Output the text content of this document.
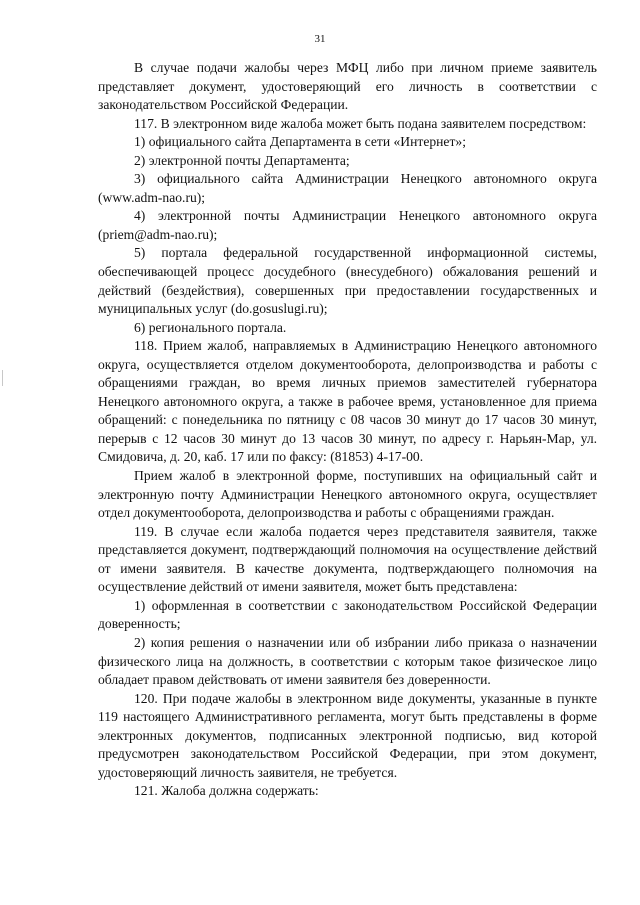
31

В случае подачи жалобы через МФЦ либо при личном приеме заявитель представляет документ, удостоверяющий его личность в соответствии с законодательством Российской Федерации.

117. В электронном виде жалоба может быть подана заявителем посредством:

1) официального сайта Департамента в сети «Интернет»;

2) электронной почты Департамента;

3) официального сайта Администрации Ненецкого автономного округа (www.adm-nao.ru);

4) электронной почты Администрации Ненецкого автономного округа (priem@adm-nao.ru);

5) портала федеральной государственной информационной системы, обеспечивающей процесс досудебного (внесудебного) обжалования решений и действий (бездействия), совершенных при предоставлении государственных и муниципальных услуг (do.gosuslugi.ru);

6) регионального портала.

118. Прием жалоб, направляемых в Администрацию Ненецкого автономного округа, осуществляется отделом документооборота, делопроизводства и работы с обращениями граждан, во время личных приемов заместителей губернатора Ненецкого автономного округа, а также в рабочее время, установленное для приема обращений: с понедельника по пятницу с 08 часов 30 минут до 17 часов 30 минут, перерыв с 12 часов 30 минут до 13 часов 30 минут, по адресу г. Нарьян-Мар, ул. Смидовича, д. 20, каб. 17 или по факсу: (81853) 4-17-00.

Прием жалоб в электронной форме, поступивших на официальный сайт и электронную почту Администрации Ненецкого автономного округа, осуществляет отдел документооборота, делопроизводства и работы с обращениями граждан.

119. В случае если жалоба подается через представителя заявителя, также представляется документ, подтверждающий полномочия на осуществление действий от имени заявителя. В качестве документа, подтверждающего полномочия на осуществление действий от имени заявителя, может быть представлена:

1) оформленная в соответствии с законодательством Российской Федерации доверенность;

2) копия решения о назначении или об избрании либо приказа о назначении физического лица на должность, в соответствии с которым такое физическое лицо обладает правом действовать от имени заявителя без доверенности.

120. При подаче жалобы в электронном виде документы, указанные в пункте 119 настоящего Административного регламента, могут быть представлены в форме электронных документов, подписанных электронной подписью, вид которой предусмотрен законодательством Российской Федерации, при этом документ, удостоверяющий личность заявителя, не требуется.

121. Жалоба должна содержать:
